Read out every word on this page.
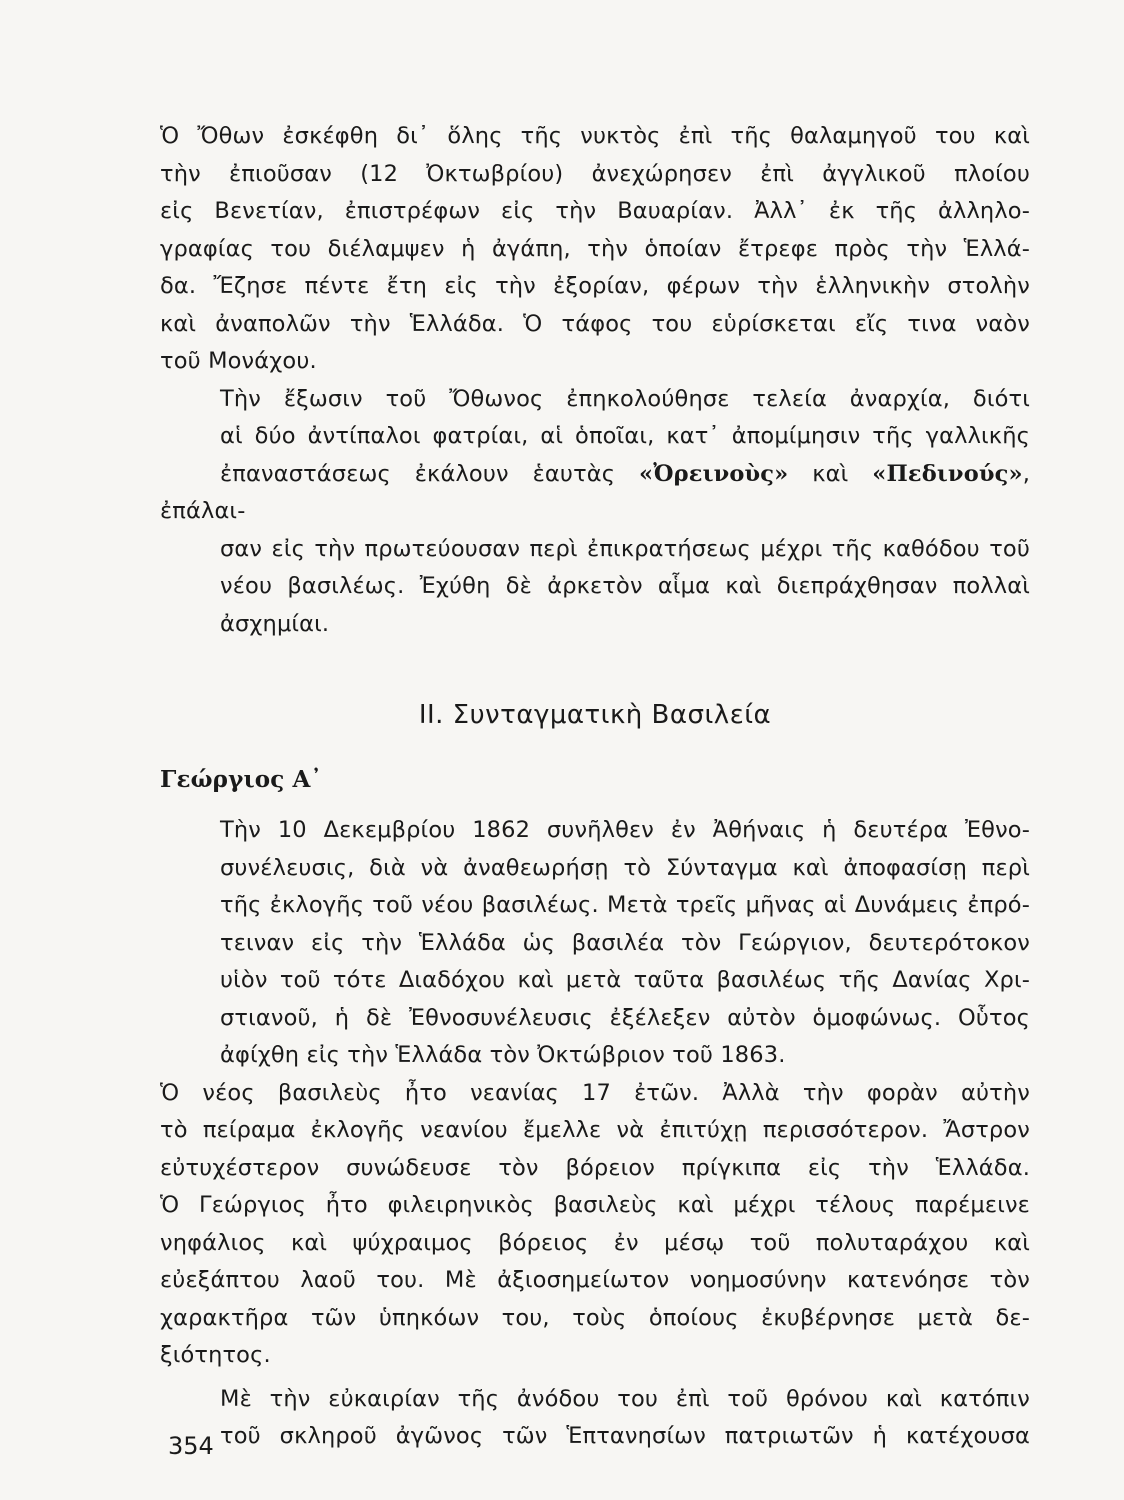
Ὁ Ὄθων ἐσκέφθη δι᾽ ὅλης τῆς νυκτὸς ἐπὶ τῆς θαλαμηγοῦ του καὶ
τὴν ἐπιοῦσαν (12 Ὀκτωβρίου) ἀνεχώρησεν ἐπὶ ἀγγλικοῦ πλοίου
εἰς Βενετίαν, ἐπιστρέφων εἰς τὴν Βαυαρίαν. Ἀλλ᾽ ἐκ τῆς ἀλληλο-
γραφίας του διέλαμψεν ἡ ἀγάπη, τὴν ὁποίαν ἔτρεφε πρὸς τὴν Ἑλλά-
δα. Ἔζησε πέντε ἔτη εἰς τὴν ἐξορίαν, φέρων τὴν ἑλληνικὴν στολὴν
καὶ ἀναπολῶν τὴν Ἑλλάδα. Ὁ τάφος του εὑρίσκεται εἴς τινα ναὸν
τοῦ Μονάχου.

Τὴν ἔξωσιν τοῦ Ὄθωνος ἐπηκολούθησε τελεία ἀναρχία, διότι
αἱ δύο ἀντίπαλοι φατρίαι, αἱ ὁποῖαι, κατ᾽ ἀπομίμησιν τῆς γαλλικῆς
ἐπαναστάσεως ἐκάλουν ἑαυτὰς «Ὀρεινοὺς» καὶ «Πεδινούς», ἐπάλαι-
σαν εἰς τὴν πρωτεύουσαν περὶ ἐπικρατήσεως μέχρι τῆς καθόδου τοῦ
νέου βασιλέως. Ἐχύθη δὲ ἀρκετὸν αἷμα καὶ διεπράχθησαν πολλαὶ
ἀσχημίαι.

ΙΙ. Συνταγματικὴ Βασιλεία
Γεώργιος Α᾽

Τὴν 10 Δεκεμβρίου 1862 συνῆλθεν ἐν Ἀθήναις ἡ δευτέρα Ἐθνο-
συνέλευσις, διὰ νὰ ἀναθεωρήσῃ τὸ Σύνταγμα καὶ ἀποφασίσῃ περὶ
τῆς ἐκλογῆς τοῦ νέου βασιλέως. Μετὰ τρεῖς μῆνας αἱ Δυνάμεις ἐπρό-
τειναν εἰς τὴν Ἑλλάδα ὡς βασιλέα τὸν Γεώργιον, δευτερότοκον
υἱὸν τοῦ τότε Διαδόχου καὶ μετὰ ταῦτα βασιλέως τῆς Δανίας Χρι-
στιανοῦ, ἡ δὲ Ἐθνοσυνέλευσις ἐξέλεξεν αὐτὸν ὁμοφώνως. Οὗτος
ἀφίχθη εἰς τὴν Ἑλλάδα τὸν Ὀκτώβριον τοῦ 1863.

Ὁ νέος βασιλεὺς ἦτο νεανίας 17 ἐτῶν. Ἀλλὰ τὴν φορὰν αὐτὴν
τὸ πείραμα ἐκλογῆς νεανίου ἔμελλε νὰ ἐπιτύχῃ περισσότερον. Ἄστρον
εὐτυχέστερον συνώδευσε τὸν βόρειον πρίγκιπα εἰς τὴν Ἑλλάδα.
Ὁ Γεώργιος ἦτο φιλειρηνικὸς βασιλεὺς καὶ μέχρι τέλους παρέμεινε
νηφάλιος καὶ ψύχραιμος βόρειος ἐν μέσῳ τοῦ πολυταράχου καὶ
εὐεξάπτου λαοῦ του. Μὲ ἀξιοσημείωτον νοημοσύνην κατενόησε τὸν
χαρακτῆρα τῶν ὑπηκόων του, τοὺς ὁποίους ἐκυβέρνησε μετὰ δε-
ξιότητος.

Μὲ τὴν εὐκαιρίαν τῆς ἀνόδου του ἐπὶ τοῦ θρόνου καὶ κατόπιν
τοῦ σκληροῦ ἀγῶνος τῶν Ἑπτανησίων πατριωτῶν ἡ κατέχουσα

354
